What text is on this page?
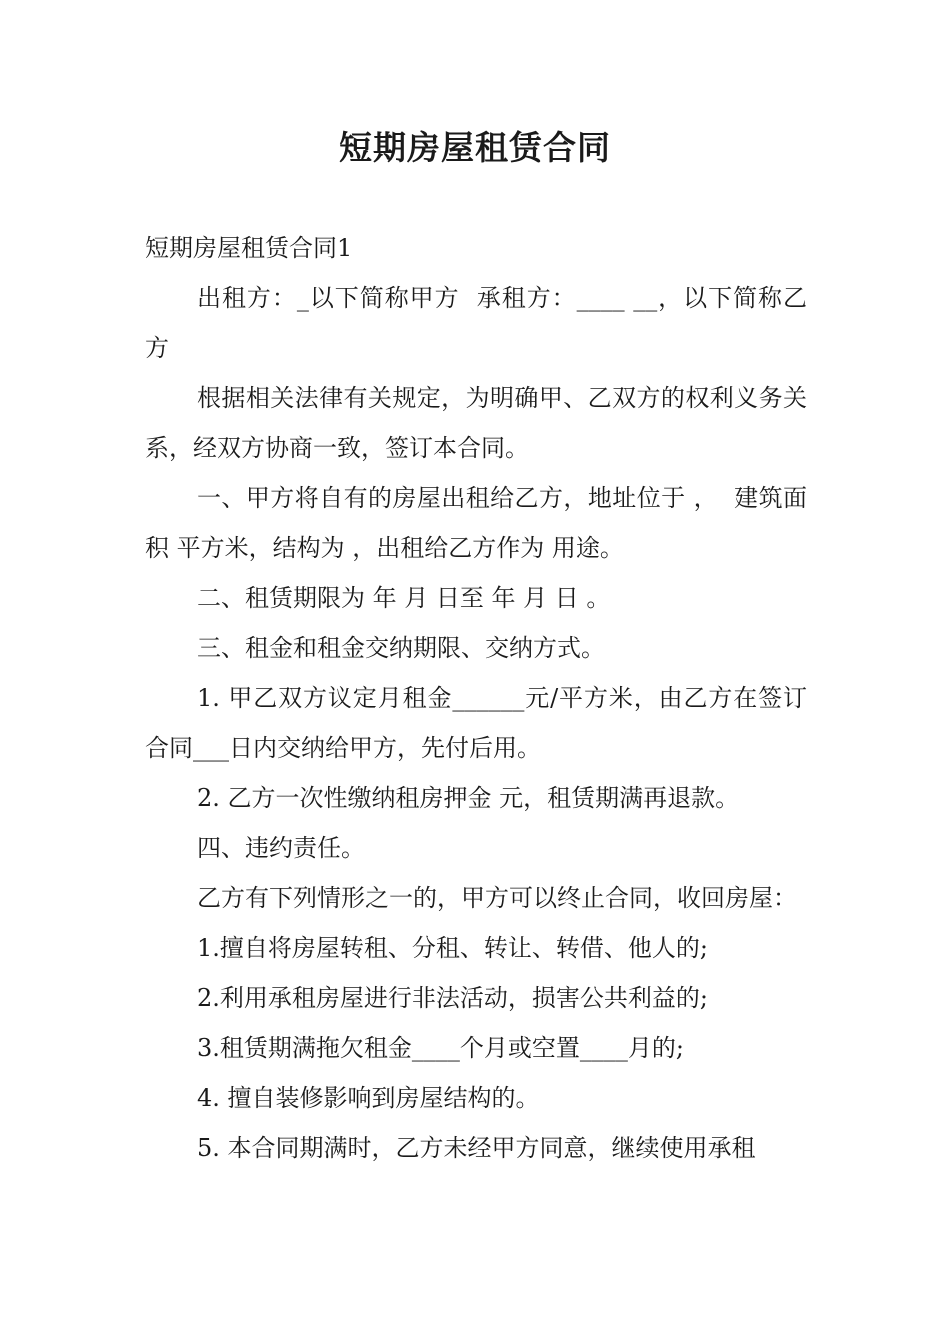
短期房屋租赁合同

短期房屋租赁合同1

出租方：_以下简称甲方  承租方：____ __，以下简称乙方

根据相关法律有关规定，为明确甲、乙双方的权利义务关系，经双方协商一致，签订本合同。

一、甲方将自有的房屋出租给乙方，地址位于 ，  建筑面积 平方米，结构为 ，出租给乙方作为 用途。

二、租赁期限为 年 月 日至 年 月 日 。

三、租金和租金交纳期限、交纳方式。

1. 甲乙双方议定月租金______元/平方米，由乙方在签订合同___日内交纳给甲方，先付后用。

2. 乙方一次性缴纳租房押金 元，租赁期满再退款。

四、违约责任。

乙方有下列情形之一的，甲方可以终止合同，收回房屋：

1.擅自将房屋转租、分租、转让、转借、他人的;

2.利用承租房屋进行非法活动，损害公共利益的;

3.租赁期满拖欠租金____个月或空置____月的;

4. 擅自装修影响到房屋结构的。

5. 本合同期满时，乙方未经甲方同意，继续使用承租
